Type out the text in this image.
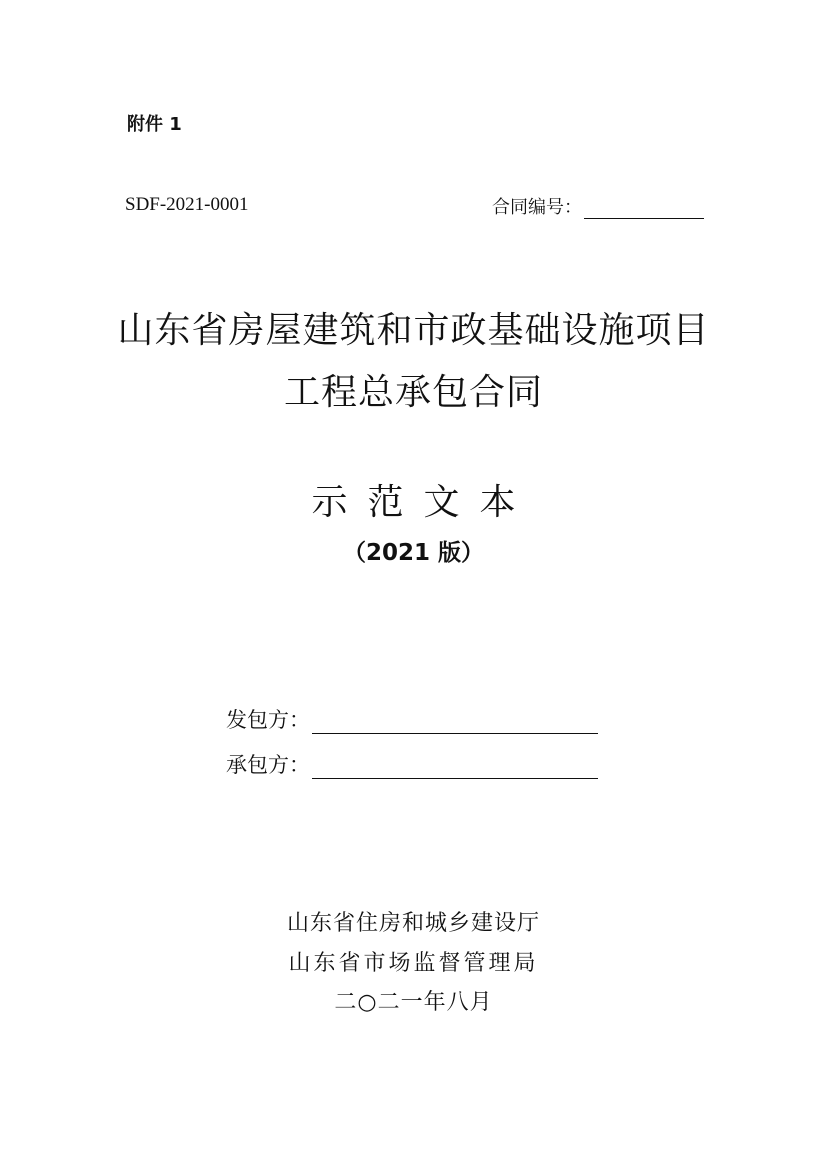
附件 1
SDF-2021-0001	合同编号：
山东省房屋建筑和市政基础设施项目
工程总承包合同
示范文本
（2021 版）
发包方：
承包方：
山东省住房和城乡建设厅
山东省市场监督管理局
二○二一年八月
